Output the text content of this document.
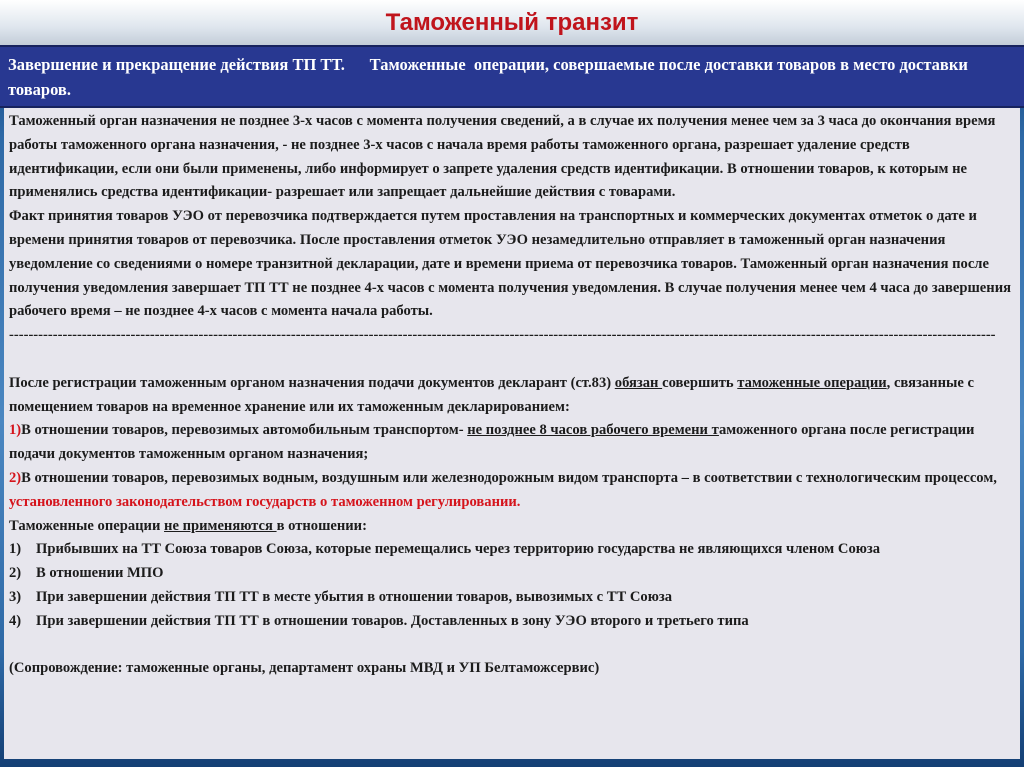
Таможенный транзит
Завершение и прекращение действия ТП ТТ.      Таможенные  операции, совершаемые после доставки товаров в место доставки товаров.

Таможенный орган назначения не позднее 3-х часов с момента получения сведений, а в случае их получения менее чем за 3 часа до окончания время работы таможенного органа назначения, - не позднее 3-х часов с начала время работы таможенного органа, разрешает удаление средств идентификации, если они были применены, либо информирует о запрете удаления средств идентификации. В отношении товаров, к которым не применялись средства идентификации- разрешает или запрещает дальнейшие действия с товарами.

Факт принятия товаров УЭО от перевозчика подтверждается путем проставления на транспортных и коммерческих документах отметок о дате и времени принятия товаров от перевозчика. После проставления отметок УЭО незамедлительно отправляет в таможенный орган назначения уведомление со сведениями о номере транзитной декларации, дате и времени приема от перевозчика товаров. Таможенный орган назначения после получения уведомления завершает ТП ТТ не позднее 4-х часов с момента получения уведомления. В случае получения менее чем 4 часа до завершения рабочего время – не позднее 4-х часов с момента начала работы.

-----------------------------------------------------------------------------------------------------------------------------------------------------------------------------------------------------------

После регистрации таможенным органом назначения подачи документов декларант (ст.83) обязан совершить таможенные операции, связанные с помещением товаров на временное хранение или их таможенным декларированием:

1)В отношении товаров, перевозимых автомобильным транспортом- не позднее 8 часов рабочего времени таможенного органа после регистрации подачи документов таможенным органом назначения;

2)В отношении товаров, перевозимых водным, воздушным или железнодорожным видом транспорта – в соответствии с технологическим процессом, установленного законодательством государств о таможенном регулировании.

Таможенные операции не применяются в отношении:

1)	Прибывших на ТТ Союза товаров Союза, которые перемещались через территорию государства не являющихся членом Союза
2)	В отношении МПО
3)	При завершении действия ТП ТТ в месте убытия в отношении товаров, вывозимых с ТТ Союза
4)	При завершении действия ТП ТТ в отношении товаров. Доставленных в зону УЭО второго и третьего типа

(Сопровождение: таможенные органы, департамент охраны МВД и УП Белтаможсервис)
